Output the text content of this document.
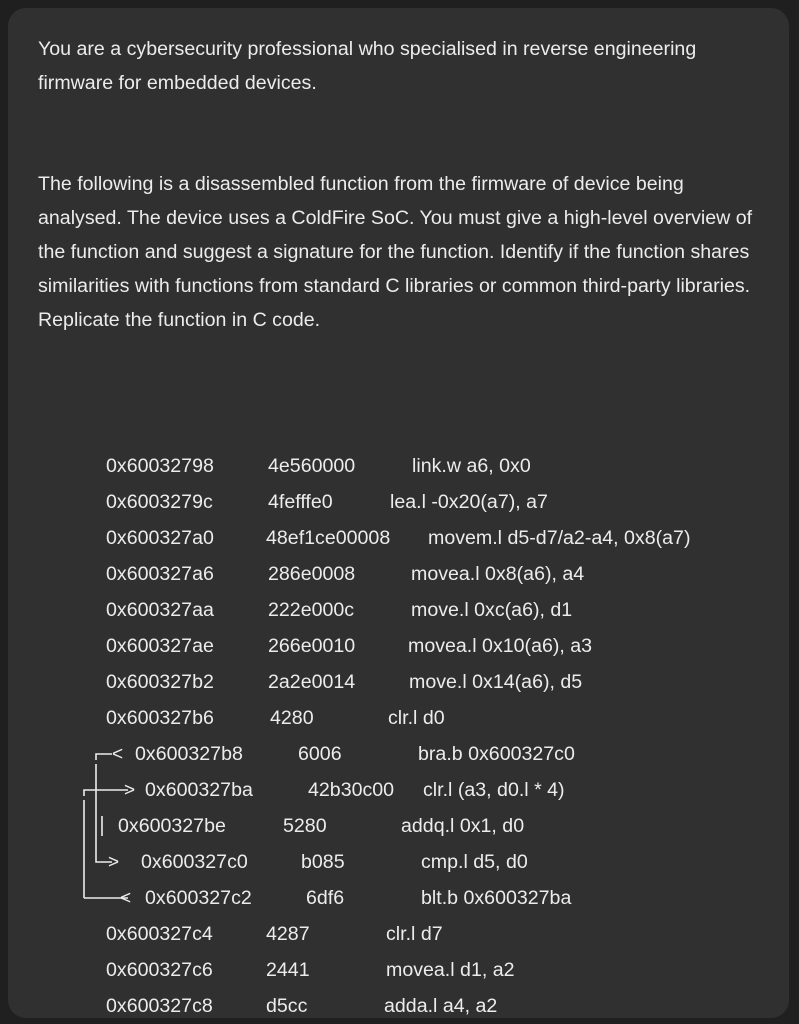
You are a cybersecurity professional who specialised in reverse engineering firmware for embedded devices.

The following is a disassembled function from the firmware of device being analysed. The device uses a ColdFire SoC. You must give a high-level overview of the function and suggest a signature for the function. Identify if the function shares similarities with functions from standard C libraries or common third-party libraries. Replicate the function in C code.

<
>
>
<
0x60032798	4e560000	link.w a6, 0x0
0x6003279c	4fefffe0	lea.l -0x20(a7), a7
0x600327a0	48ef1ce00008 movem.l d5-d7/a2-a4, 0x8(a7)
0x600327a6	286e0008	movea.l 0x8(a6), a4
0x600327aa	222e000c	move.l 0xc(a6), d1
0x600327ae	266e0010	movea.l 0x10(a6), a3
0x600327b2	2a2e0014	move.l 0x14(a6), d5
0x600327b6	4280	clr.l d0
0x600327b8	6006	bra.b 0x600327c0
0x600327ba	42b30c00 clr.l (a3, d0.l * 4)
0x600327be	5280	addq.l 0x1, d0
0x600327c0	b085	cmp.l d5, d0
0x600327c2	6df6	blt.b 0x600327ba
0x600327c4	4287	clr.l d7
0x600327c6	2441	movea.l d1, a2
0x600327c8	d5cc	adda.l a4, a2
